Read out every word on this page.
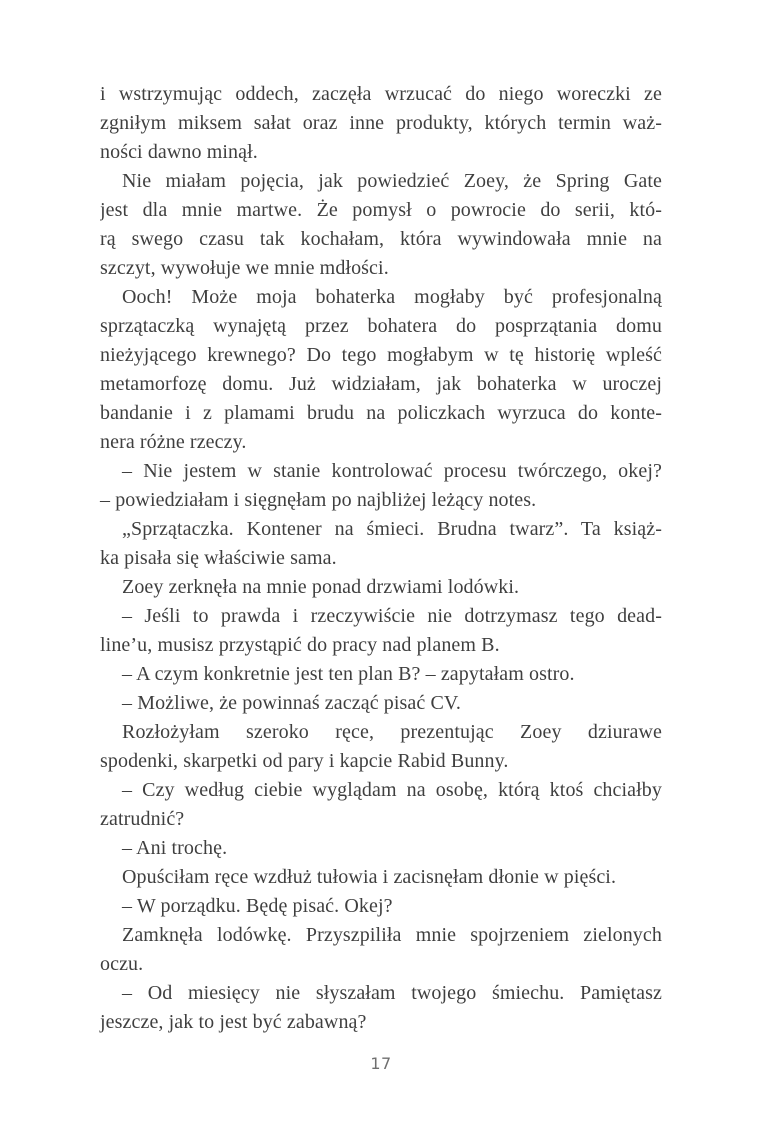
i wstrzymując oddech, zaczęła wrzucać do niego woreczki ze
zgniłym miksem sałat oraz inne produkty, których termin waż-
ności dawno minął.
Nie miałam pojęcia, jak powiedzieć Zoey, że Spring Gate
jest dla mnie martwe. Że pomysł o powrocie do serii, któ-
rą swego czasu tak kochałam, która wywindowała mnie na
szczyt, wywołuje we mnie mdłości.
Ooch! Może moja bohaterka mogłaby być profesjonalną
sprzątaczką wynajętą przez bohatera do posprzątania domu
nieżyjącego krewnego? Do tego mogłabym w tę historię wpleść
metamorfozę domu. Już widziałam, jak bohaterka w uroczej
bandanie i z plamami brudu na policzkach wyrzuca do konte-
nera różne rzeczy.
– Nie jestem w stanie kontrolować procesu twórczego, okej?
– powiedziałam i sięgnęłam po najbliżej leżący notes.
„Sprzątaczka. Kontener na śmieci. Brudna twarz”. Ta książ-
ka pisała się właściwie sama.
Zoey zerknęła na mnie ponad drzwiami lodówki.
– Jeśli to prawda i rzeczywiście nie dotrzymasz tego dead-
line’u, musisz przystąpić do pracy nad planem B.
– A czym konkretnie jest ten plan B? – zapytałam ostro.
– Możliwe, że powinnaś zacząć pisać CV.
Rozłożyłam szeroko ręce, prezentując Zoey dziurawe
spodenki, skarpetki od pary i kapcie Rabid Bunny.
– Czy według ciebie wyglądam na osobę, którą ktoś chciałby
zatrudnić?
– Ani trochę.
Opuściłam ręce wzdłuż tułowia i zacisnęłam dłonie w pięści.
– W porządku. Będę pisać. Okej?
Zamknęła lodówkę. Przyszpiliła mnie spojrzeniem zielonych
oczu.
– Od miesięcy nie słyszałam twojego śmiechu. Pamiętasz
jeszcze, jak to jest być zabawną?
17
